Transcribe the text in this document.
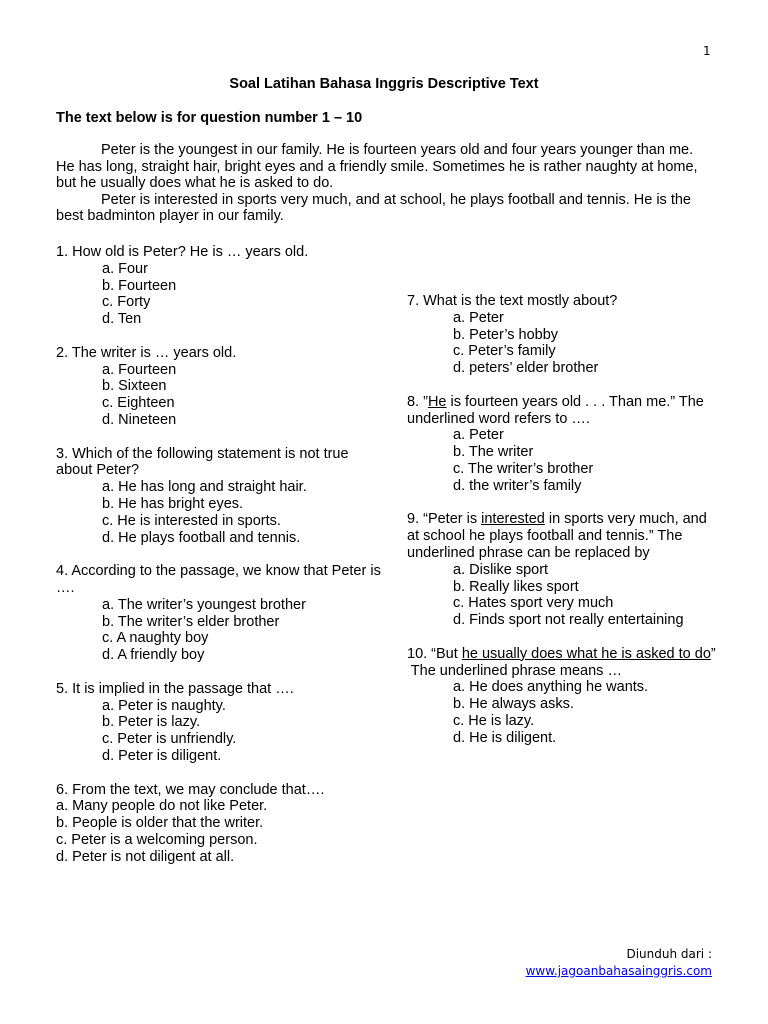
1
Soal Latihan Bahasa Inggris Descriptive Text
The text below is for question number 1 – 10

Peter is the youngest in our family. He is fourteen years old and four years younger than me. He has long, straight hair, bright eyes and a friendly smile. Sometimes he is rather naughty at home, but he usually does what he is asked to do.

Peter is interested in sports very much, and at school, he plays football and tennis. He is the best badminton player in our family.

1. How old is Peter? He is … years old.
a. Four
b. Fourteen
c. Forty
d. Ten
2. The writer is … years old.
a. Fourteen
b. Sixteen
c. Eighteen
d. Nineteen
3. Which of the following statement is not true about Peter?
a. He has long and straight hair.
b. He has bright eyes.
c. He is interested in sports.
d. He plays football and tennis.
4. According to the passage, we know that Peter is ….
a. The writer’s youngest brother
b. The writer’s elder brother
c. A naughty boy
d. A friendly boy
5. It is implied in the passage that ….
a. Peter is naughty.
b. Peter is lazy.
c. Peter is unfriendly.
d. Peter is diligent.
6. From the text, we may conclude that….
a. Many people do not like Peter.
b. People is older that the writer.
c. Peter is a welcoming person.
d. Peter is not diligent at all.
7. What is the text mostly about?
a. Peter
b. Peter’s hobby
c. Peter’s family
d. peters’ elder brother
8. ”He is fourteen years old . . . Than me.” The underlined word refers to ….
a. Peter
b. The writer
c. The writer’s brother
d. the writer’s family
9. “Peter is interested in sports very much, and at school he plays football and tennis.” The underlined phrase can be replaced by
a. Dislike sport
b. Really likes sport
c. Hates sport very much
d. Finds sport not really entertaining
10. “But he usually does what he is asked to do”
The underlined phrase means …
a. He does anything he wants.
b. He always asks.
c. He is lazy.
d. He is diligent.
Diunduh dari :
www.jagoanbahasainggris.com
